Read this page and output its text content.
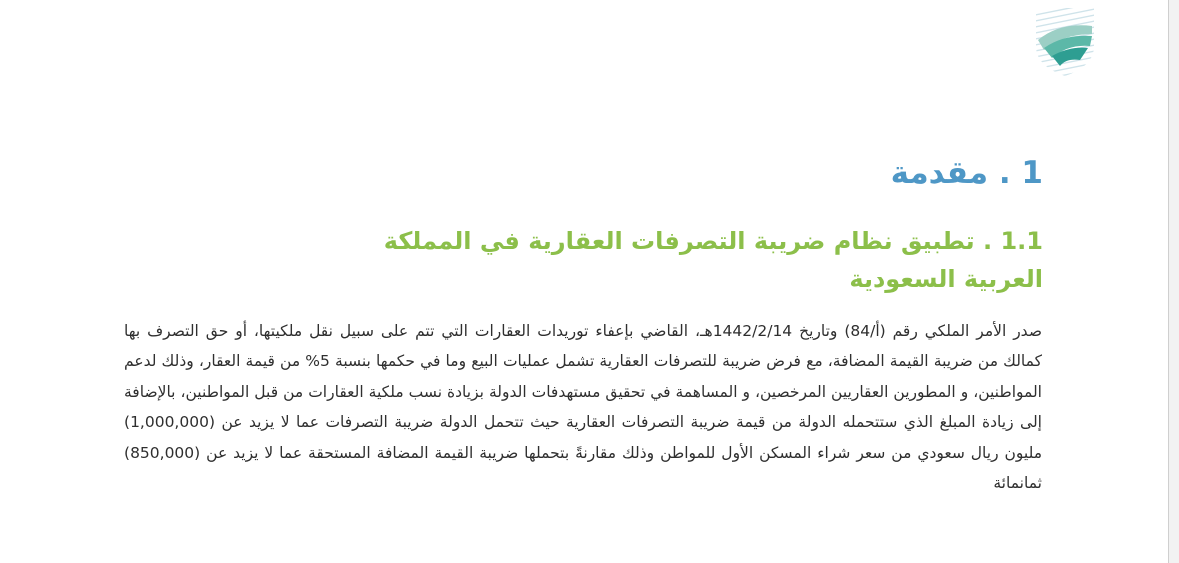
1 . مقدمة
1.1 . تطبيق نظام ضريبة التصرفات العقارية في المملكة
العربية السعودية

صدر الأمر الملكي رقم (أ/84) وتاريخ 1442/2/14هـ، القاضي بإعفاء توريدات العقارات التي تتم على سبيل نقل ملكيتها، أو حق التصرف بها كمالك من ضريبة القيمة المضافة، مع فرض ضريبة للتصرفات العقارية تشمل عمليات البيع وما في حكمها بنسبة 5% من قيمة العقار، وذلك لدعم المواطنين، و المطورين العقاريين المرخصين، و المساهمة في تحقيق مستهدفات الدولة بزيادة نسب ملكية العقارات من قبل المواطنين، بالإضافة إلى زيادة المبلغ الذي ستتحمله الدولة من قيمة ضريبة التصرفات العقارية حيث تتحمل الدولة ضريبة التصرفات عما لا يزيد عن (1,000,000) مليون ريال سعودي من سعر شراء المسكن الأول للمواطن وذلك مقارنةً بتحملها ضريبة القيمة المضافة المستحقة عما لا يزيد عن (850,000) ثمانمائة
